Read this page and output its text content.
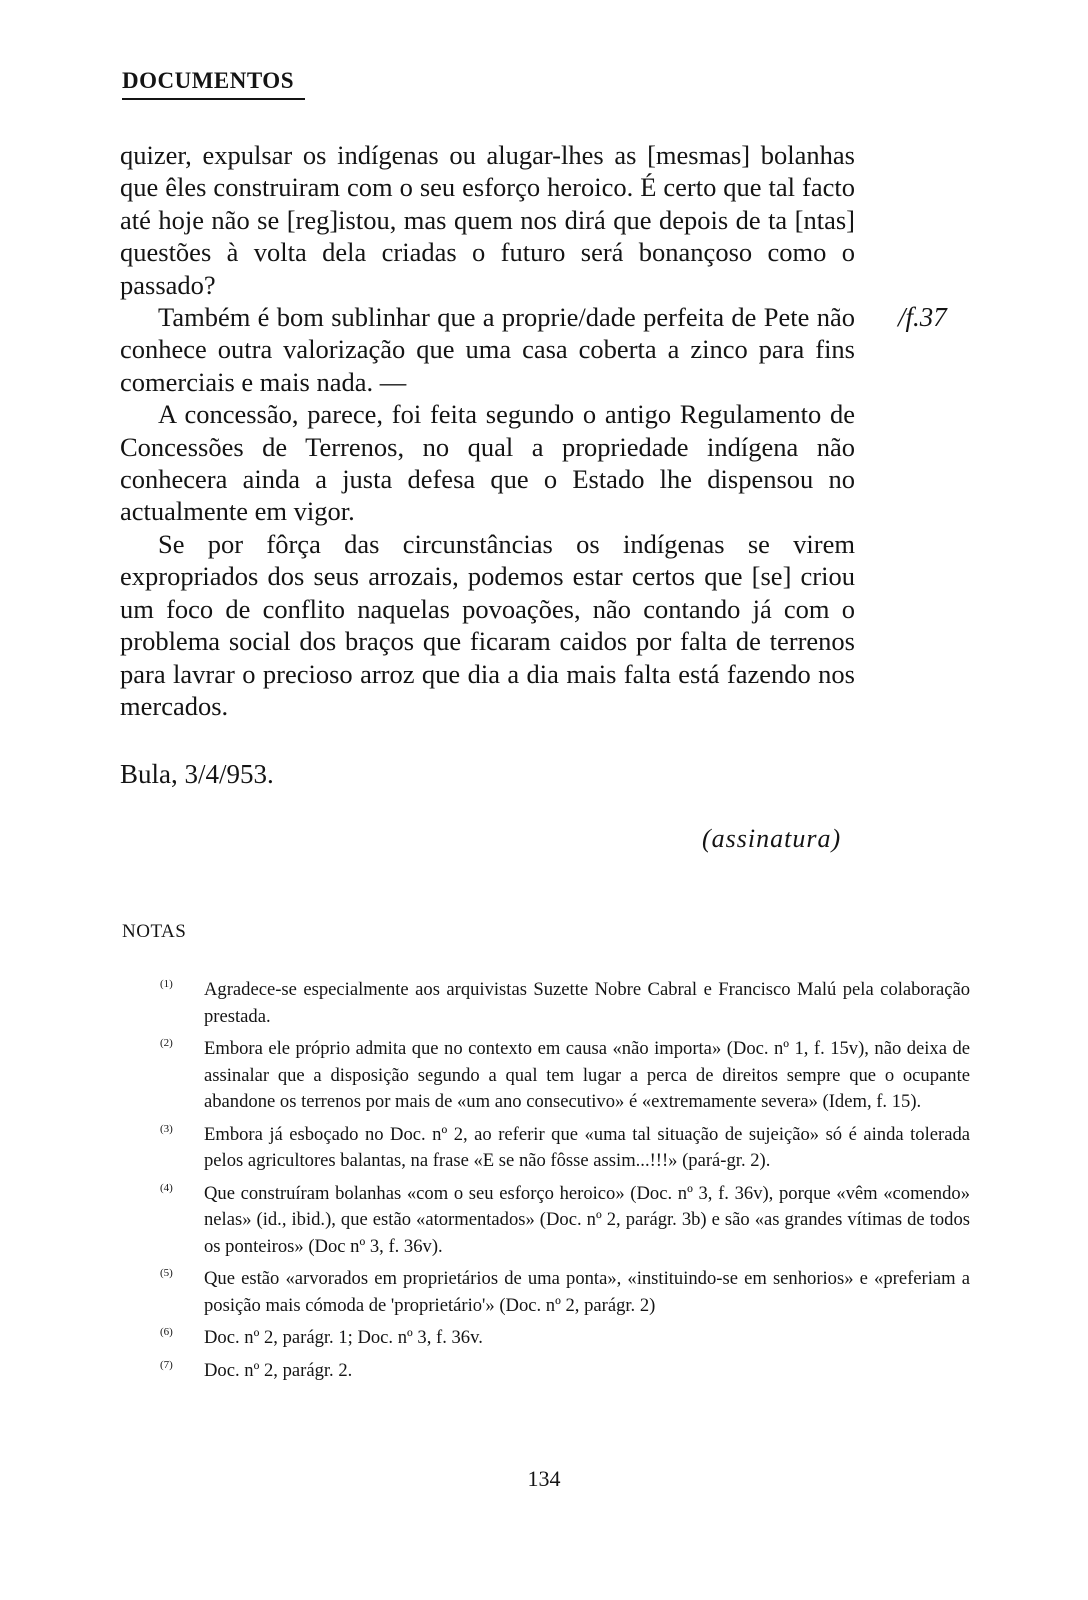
DOCUMENTOS

quizer, expulsar os indígenas ou alugar-lhes as [mesmas] bolanhas que êles construiram com o seu esforço heroico. É certo que tal facto até hoje não se [reg]istou, mas quem nos dirá que depois de ta [ntas] questões à volta dela criadas o futuro será bonançoso como o passado?

Também é bom sublinhar que a proprie/dade perfeita de Pete não conhece outra valorização que uma casa coberta a zinco para fins comerciais e mais nada. —

A concessão, parece, foi feita segundo o antigo Regulamento de Concessões de Terrenos, no qual a propriedade indígena não conhecera ainda a justa defesa que o Estado lhe dispensou no actualmente em vigor.

Se por fôrça das circunstâncias os indígenas se virem expropriados dos seus arrozais, podemos estar certos que [se] criou um foco de conflito naquelas povoações, não contando já com o problema social dos braços que ficaram caidos por falta de terrenos para lavrar o precioso arroz que dia a dia mais falta está fazendo nos mercados.

/f.37
Bula, 3/4/953.
(assinatura)
NOTAS
(1) Agradece-se especialmente aos arquivistas Suzette Nobre Cabral e Francisco Malú pela colaboração prestada.
(2) Embora ele próprio admita que no contexto em causa «não importa» (Doc. nº 1, f. 15v), não deixa de assinalar que a disposição segundo a qual tem lugar a perca de direitos sempre que o ocupante abandone os terrenos por mais de «um ano consecutivo» é «extremamente severa» (Idem, f. 15).
(3) Embora já esboçado no Doc. nº 2, ao referir que «uma tal situação de sujeição» só é ainda tolerada pelos agricultores balantas, na frase «E se não fôsse assim...!!!» (pará-gr. 2).
(4) Que construíram bolanhas «com o seu esforço heroico» (Doc. nº 3, f. 36v), porque «vêm «comendo» nelas» (id., ibid.), que estão «atormentados» (Doc. nº 2, parágr. 3b) e são «as grandes vítimas de todos os ponteiros» (Doc nº 3, f. 36v).
(5) Que estão «arvorados em proprietários de uma ponta», «instituindo-se em senhorios» e «preferiam a posição mais cómoda de 'proprietário'» (Doc. nº 2, parágr. 2)
(6) Doc. nº 2, parágr. 1; Doc. nº 3, f. 36v.
(7) Doc. nº 2, parágr. 2.
134
